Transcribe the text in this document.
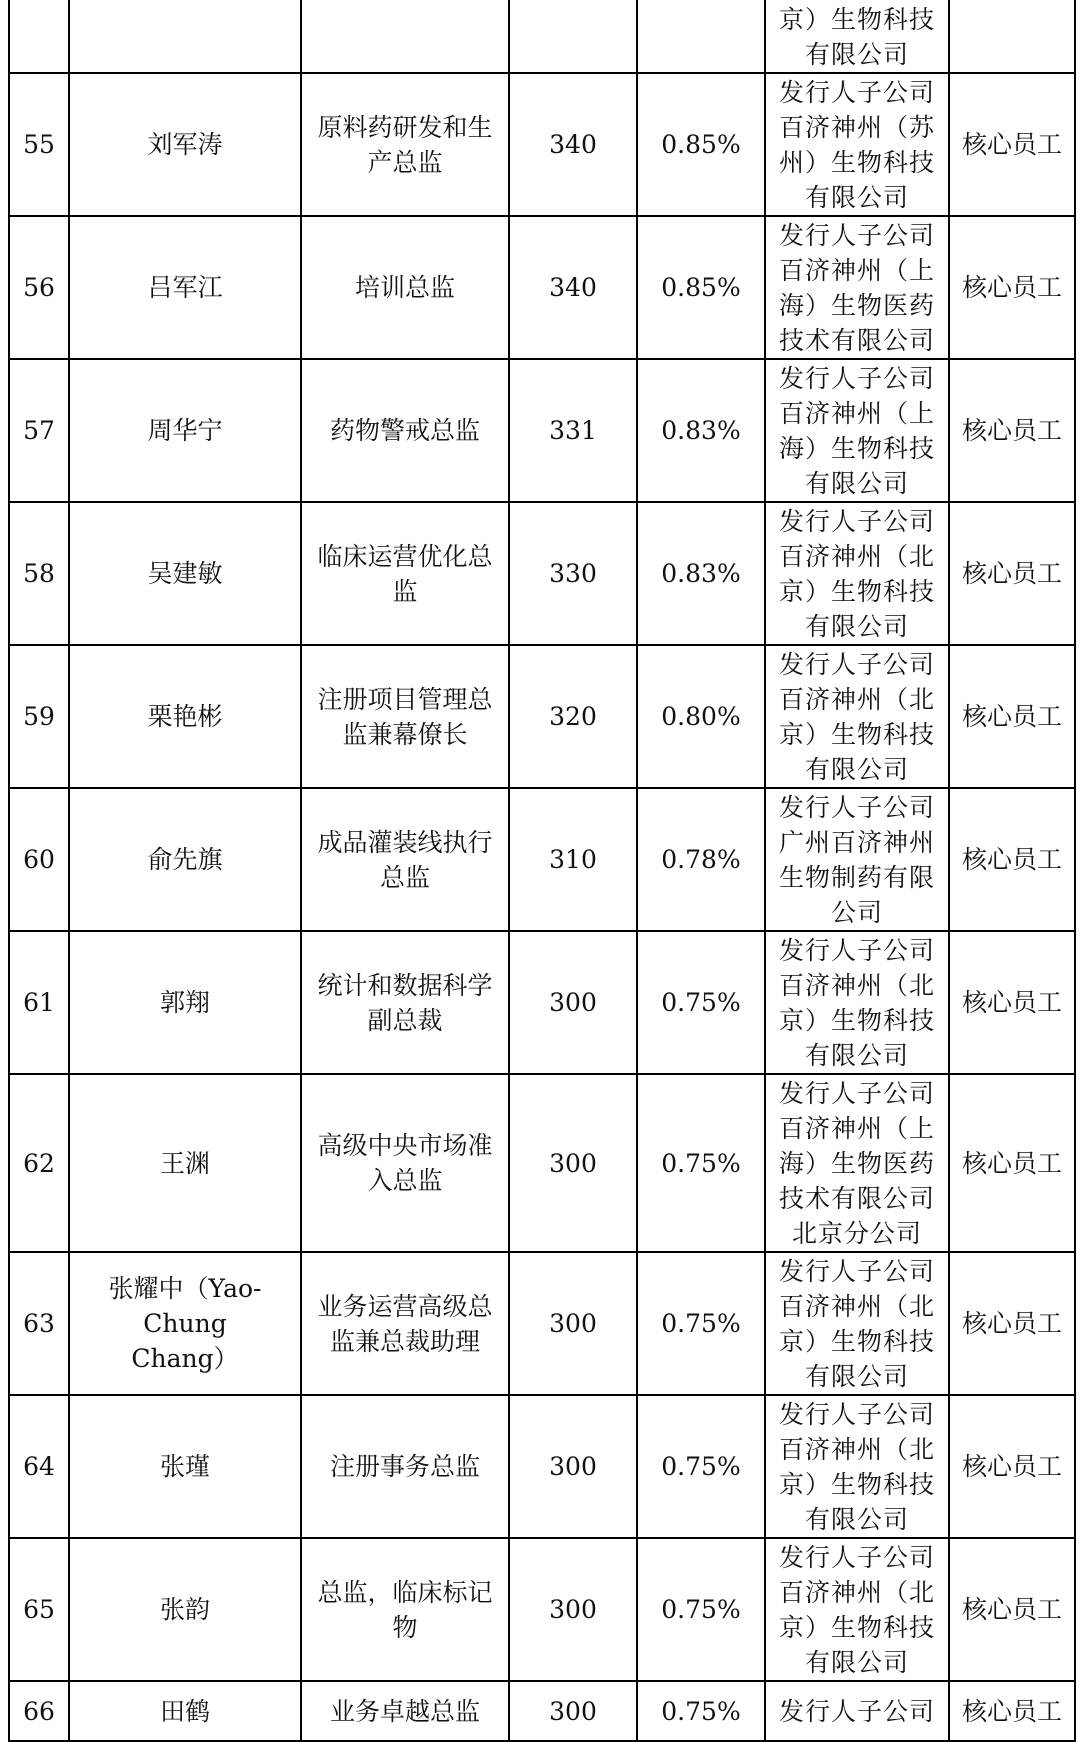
					京）生物科技
有限公司	

55	刘军涛	原料药研发和生
产总监	340	0.85%	发行人子公司
百济神州（苏
州）生物科技
有限公司	核心员工

56	吕军江	培训总监	340	0.85%	发行人子公司
百济神州（上
海）生物医药
技术有限公司	核心员工

57	周华宁	药物警戒总监	331	0.83%	发行人子公司
百济神州（上
海）生物科技
有限公司	核心员工

58	吴建敏	临床运营优化总
监	330	0.83%	发行人子公司
百济神州（北
京）生物科技
有限公司	核心员工

59	栗艳彬	注册项目管理总
监兼幕僚长	320	0.80%	发行人子公司
百济神州（北
京）生物科技
有限公司	核心员工

60	俞先旗	成品灌装线执行
总监	310	0.78%	发行人子公司
广州百济神州
生物制药有限
公司	核心员工

61	郭翔	统计和数据科学
副总裁	300	0.75%	发行人子公司
百济神州（北
京）生物科技
有限公司	核心员工

62	王渊	高级中央市场准
入总监	300	0.75%	发行人子公司
百济神州（上
海）生物医药
技术有限公司
北京分公司	核心员工

63	张耀中（Yao-Chung
Chang）	业务运营高级总
监兼总裁助理	300	0.75%	发行人子公司
百济神州（北
京）生物科技
有限公司	核心员工

64	张瑾	注册事务总监	300	0.75%	发行人子公司
百济神州（北
京）生物科技
有限公司	核心员工

65	张韵	总监，临床标记
物	300	0.75%	发行人子公司
百济神州（北
京）生物科技
有限公司	核心员工

66	田鹤	业务卓越总监	300	0.75%	发行人子公司	核心员工
